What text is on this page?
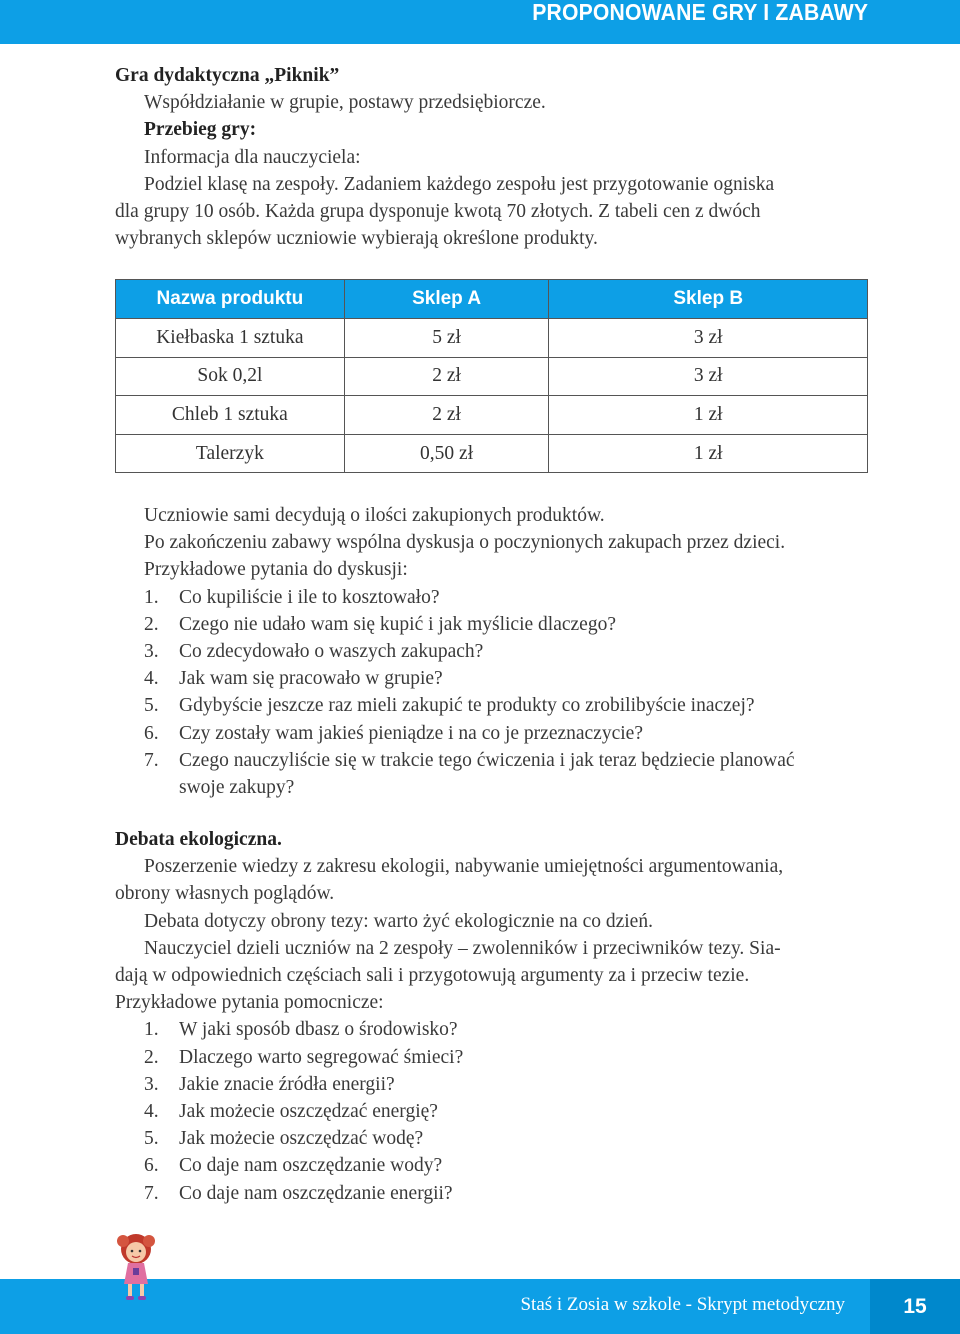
PROPONOWANE GRY I ZABAWY
Gra dydaktyczna „Piknik”
Współdziałanie w grupie, postawy przedsiębiorcze.
Przebieg gry:
Informacja dla nauczyciela:
Podziel klasę na zespoły. Zadaniem każdego zespołu jest przygotowanie ogniska
dla grupy 10 osób. Każda grupa dysponuje kwotą 70 złotych. Z tabeli cen z dwóch
wybranych sklepów uczniowie wybierają określone produkty.
Nazwa produktu	Sklep A	Sklep B
Kiełbaska 1 sztuka	5 zł	3 zł
Sok 0,2l	2 zł	3 zł
Chleb 1 sztuka	2 zł	1 zł
Talerzyk	0,50 zł	1 zł
Uczniowie sami decydują o ilości zakupionych produktów.
Po zakończeniu zabawy wspólna dyskusja o poczynionych zakupach przez dzieci.
Przykładowe pytania do dyskusji:
1.	Co kupiliście i ile to kosztowało?
2.	Czego nie udało wam się kupić i jak myślicie dlaczego?
3.	Co zdecydowało o waszych zakupach?
4.	Jak wam się pracowało w grupie?
5.	Gdybyście jeszcze raz mieli zakupić te produkty co zrobilibyście inaczej?
6.	Czy zostały wam jakieś pieniądze i na co je przeznaczycie?
7.	Czego nauczyliście się w trakcie tego ćwiczenia i jak teraz będziecie planować
swoje zakupy?
Debata ekologiczna.
Poszerzenie wiedzy z zakresu ekologii, nabywanie umiejętności argumentowania,
obrony własnych poglądów.
Debata dotyczy obrony tezy: warto żyć ekologicznie na co dzień.
Nauczyciel dzieli uczniów na 2 zespoły – zwolenników i przeciwników tezy. Sia-
dają w odpowiednich częściach sali i przygotowują argumenty za i przeciw tezie.
Przykładowe pytania pomocnicze:
1.	W jaki sposób dbasz o środowisko?
2.	Dlaczego warto segregować śmieci?
3.	Jakie znacie źródła energii?
4.	Jak możecie oszczędzać energię?
5.	Jak możecie oszczędzać wodę?
6.	Co daje nam oszczędzanie wody?
7.	Co daje nam oszczędzanie energii?
Staś i Zosia w szkole - Skrypt metodyczny	15
